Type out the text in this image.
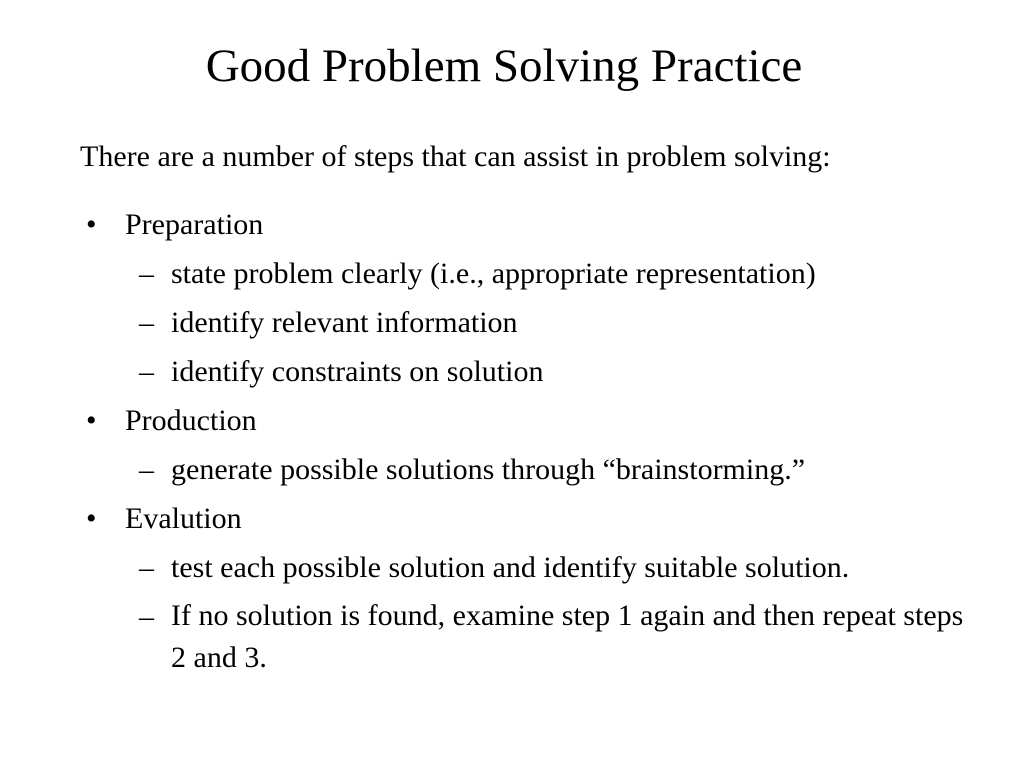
Good Problem Solving Practice

There are a number of steps that can assist in problem solving:

• Preparation
– state problem clearly (i.e., appropriate representation)
– identify relevant information
– identify constraints on solution
• Production
– generate possible solutions through “brainstorming.”
• Evalution
– test each possible solution and identify suitable solution.
– If no solution is found, examine step 1 again and then repeat steps 2 and 3.
